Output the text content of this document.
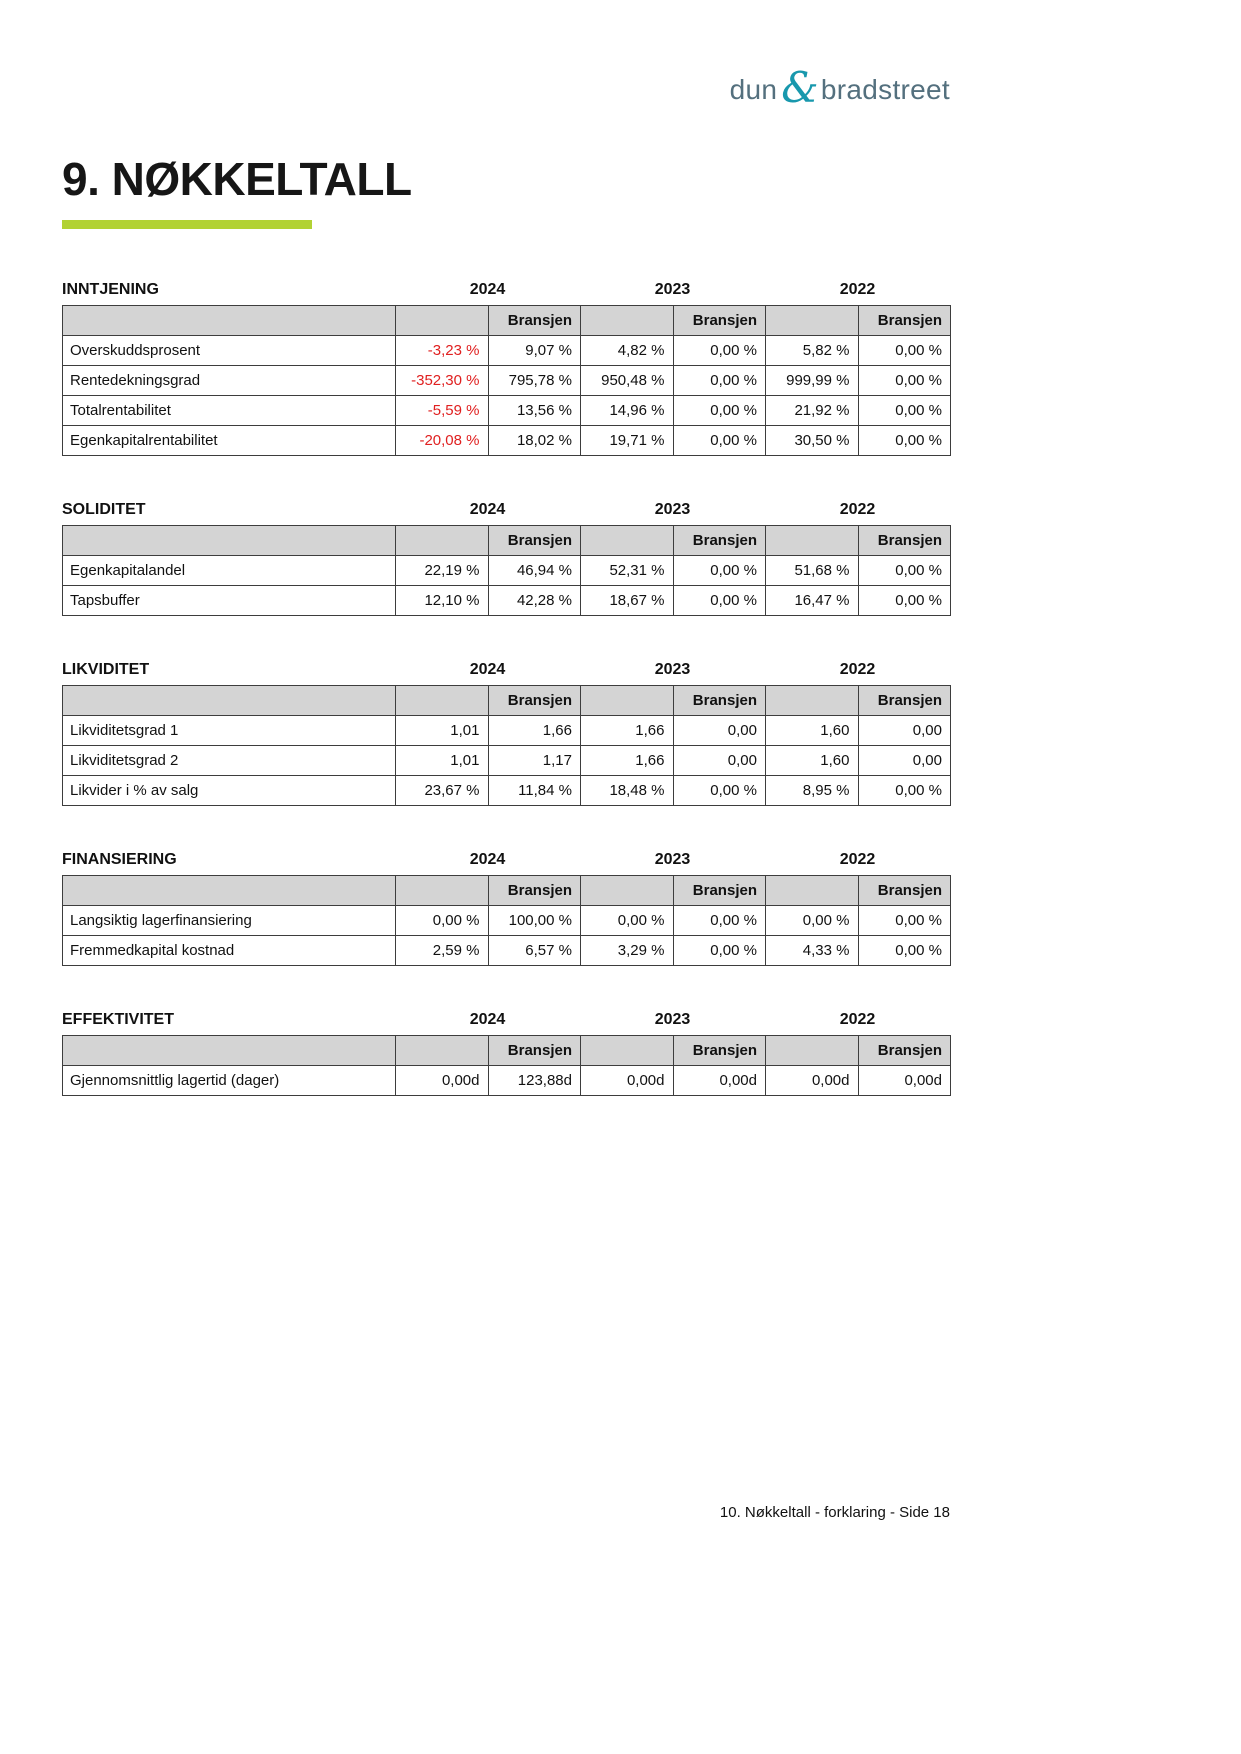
dun & bradstreet
9. NØKKELTALL
INNTJENING	2024	2023	2022
		Bransjen		Bransjen		Bransjen
Overskuddsprosent	-3,23 %	9,07 %	4,82 %	0,00 %	5,82 %	0,00 %
Rentedekningsgrad	-352,30 %	795,78 %	950,48 %	0,00 %	999,99 %	0,00 %
Totalrentabilitet	-5,59 %	13,56 %	14,96 %	0,00 %	21,92 %	0,00 %
Egenkapitalrentabilitet	-20,08 %	18,02 %	19,71 %	0,00 %	30,50 %	0,00 %
SOLIDITET	2024	2023	2022
		Bransjen		Bransjen		Bransjen
Egenkapitalandel	22,19 %	46,94 %	52,31 %	0,00 %	51,68 %	0,00 %
Tapsbuffer	12,10 %	42,28 %	18,67 %	0,00 %	16,47 %	0,00 %
LIKVIDITET	2024	2023	2022
		Bransjen		Bransjen		Bransjen
Likviditetsgrad 1	1,01	1,66	1,66	0,00	1,60	0,00
Likviditetsgrad 2	1,01	1,17	1,66	0,00	1,60	0,00
Likvider i % av salg	23,67 %	11,84 %	18,48 %	0,00 %	8,95 %	0,00 %
FINANSIERING	2024	2023	2022
		Bransjen		Bransjen		Bransjen
Langsiktig lagerfinansiering	0,00 %	100,00 %	0,00 %	0,00 %	0,00 %	0,00 %
Fremmedkapital kostnad	2,59 %	6,57 %	3,29 %	0,00 %	4,33 %	0,00 %
EFFEKTIVITET	2024	2023	2022
		Bransjen		Bransjen		Bransjen
Gjennomsnittlig lagertid (dager)	0,00d	123,88d	0,00d	0,00d	0,00d	0,00d
10. Nøkkeltall - forklaring - Side 18
